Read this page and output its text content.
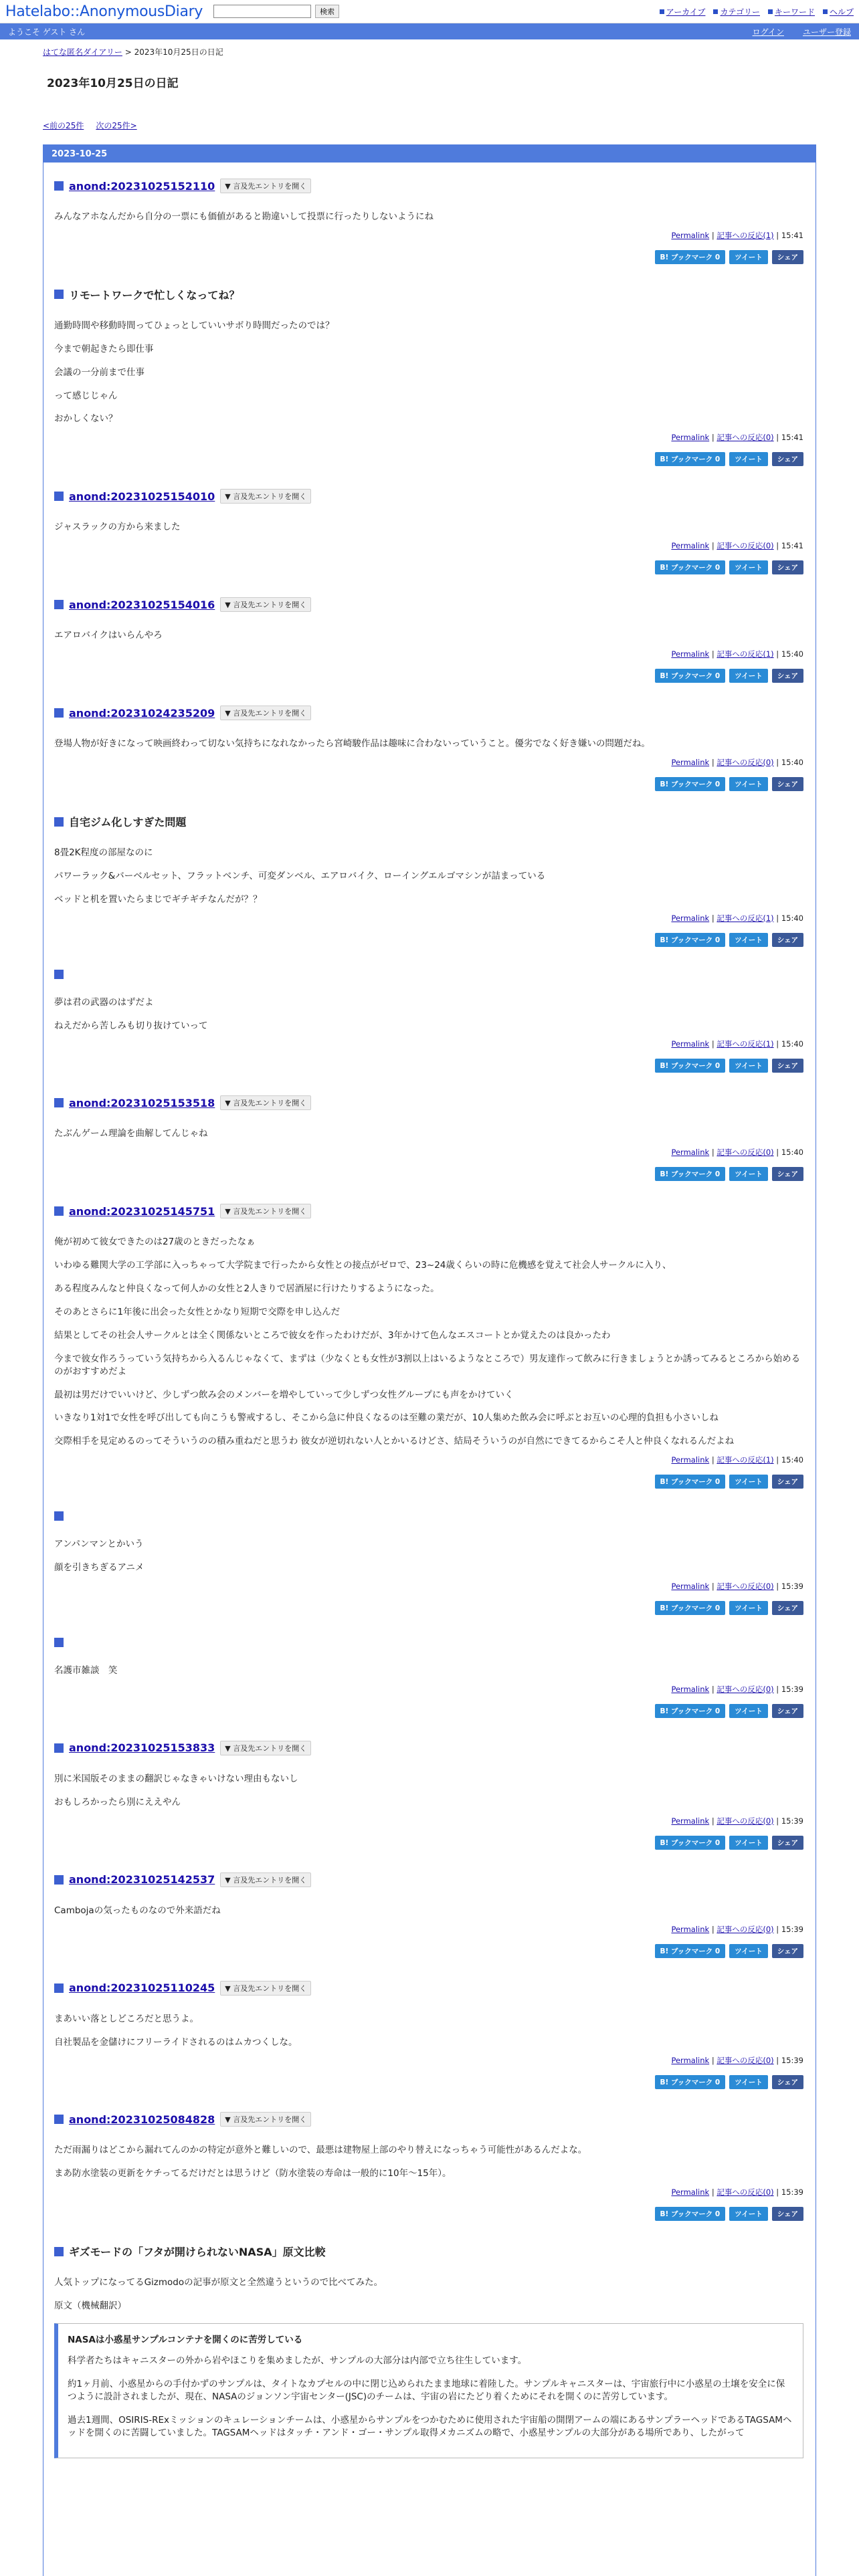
Hatelabo::AnonymousDiary	検索	アーカイブ カテゴリー キーワード ヘルプ
ようこそ ゲスト さん	ログイン ユーザー登録
はてな匿名ダイアリー > 2023年10月25日の日記
2023年10月25日の日記
<前の25件 次の25件>
2023-10-25
anond:20231025152110	▼ 言及先エントリを開く

みんなアホなんだから自分の一票にも価値があると勘違いして投票に行ったりしないようにね

Permalink | 記事への反応(1) | 15:41
B! ブックマーク 0	ツイート	シェア
リモートワークで忙しくなってね？

通勤時間や移動時間ってひょっとしていいサボり時間だったのでは？

今まで朝起きたら即仕事

会議の一分前まで仕事

って感じじゃん

おかしくない？

Permalink | 記事への反応(0) | 15:41
B! ブックマーク 0	ツイート	シェア
anond:20231025154010	▼ 言及先エントリを開く

ジャスラックの方から来ました

Permalink | 記事への反応(0) | 15:41
B! ブックマーク 0	ツイート	シェア
anond:20231025154016	▼ 言及先エントリを開く

エアロバイクはいらんやろ

Permalink | 記事への反応(1) | 15:40
B! ブックマーク 0	ツイート	シェア
anond:20231024235209	▼ 言及先エントリを開く

登場人物が好きになって映画終わって切ない気持ちになれなかったら宮崎駿作品は趣味に合わないっていうこと。優劣でなく好き嫌いの問題だね。

Permalink | 記事への反応(0) | 15:40
B! ブックマーク 0	ツイート	シェア
自宅ジム化しすぎた問題

8畳2K程度の部屋なのに

パワーラック&バーベルセット、フラットベンチ、可変ダンベル、エアロバイク、ローイングエルゴマシンが詰まっている

ベッドと机を置いたらまじでギチギチなんだが？？

Permalink | 記事への反応(1) | 15:40
B! ブックマーク 0	ツイート	シェア

夢は君の武器のはずだよ

ねえだから苦しみも切り抜けていって

Permalink | 記事への反応(1) | 15:40
B! ブックマーク 0	ツイート	シェア
anond:20231025153518	▼ 言及先エントリを開く

たぶんゲーム理論を曲解してんじゃね

Permalink | 記事への反応(0) | 15:40
B! ブックマーク 0	ツイート	シェア
anond:20231025145751	▼ 言及先エントリを開く

俺が初めて彼女できたのは27歳のときだったなぁ

いわゆる難関大学の工学部に入っちゃって大学院まで行ったから女性との接点がゼロで、23~24歳くらいの時に危機感を覚えて社会人サークルに入り、

ある程度みんなと仲良くなって何人かの女性と2人きりで居酒屋に行けたりするようになった。

そのあとさらに1年後に出会った女性とかなり短期で交際を申し込んだ

結果としてその社会人サークルとは全く関係ないところで彼女を作ったわけだが、3年かけて色んなエスコートとか覚えたのは良かったわ

今まで彼女作ろうっていう気持ちから入るんじゃなくて、まずは（少なくとも女性が3割以上はいるようなところで）男友達作って飲みに行きましょうとか誘ってみるところから始めるのがおすすめだよ

最初は男だけでいいけど、少しずつ飲み会のメンバーを増やしていって少しずつ女性グループにも声をかけていく

いきなり1対1で女性を呼び出しても向こうも警戒するし、そこから急に仲良くなるのは至難の業だが、10人集めた飲み会に呼ぶとお互いの心理的負担も小さいしね

交際相手を見定めるのってそういうのの積み重ねだと思うわ 彼女が逆切れない人とかいるけどさ、結局そういうのが自然にできてるからこそ人と仲良くなれるんだよね

Permalink | 記事への反応(1) | 15:40
B! ブックマーク 0	ツイート	シェア

アンパンマンとかいう

顔を引きちぎるアニメ

Permalink | 記事への反応(0) | 15:39
B! ブックマーク 0	ツイート	シェア

名護市雑談　笑

Permalink | 記事への反応(0) | 15:39
B! ブックマーク 0	ツイート	シェア
anond:20231025153833	▼ 言及先エントリを開く

別に米国版そのままの翻訳じゃなきゃいけない理由もないし

おもしろかったら別にええやん

Permalink | 記事への反応(0) | 15:39
B! ブックマーク 0	ツイート	シェア
anond:20231025142537	▼ 言及先エントリを開く

Cambojaの気ったものなので外来語だね

Permalink | 記事への反応(0) | 15:39
B! ブックマーク 0	ツイート	シェア
anond:20231025110245	▼ 言及先エントリを開く

まあいい落としどころだと思うよ。

自社製品を金儲けにフリーライドされるのはムカつくしな。

Permalink | 記事への反応(0) | 15:39
B! ブックマーク 0	ツイート	シェア
anond:20231025084828	▼ 言及先エントリを開く

ただ雨漏りはどこから漏れてんのかの特定が意外と難しいので、最悪は建物屋上部のやり替えになっちゃう可能性があるんだよな。

まあ防水塗装の更新をケチってるだけだとは思うけど（防水塗装の寿命は一般的に10年〜15年）。

Permalink | 記事への反応(0) | 15:39
B! ブックマーク 0	ツイート	シェア
ギズモードの「フタが開けられないNASA」原文比較

人気トップになってるGizmodoの記事が原文と全然違うというので比べてみた。

原文（機械翻訳）

NASAは小惑星サンプルコンテナを開くのに苦労している

科学者たちはキャニスターの外から岩やほこりを集めましたが、サンプルの大部分は内部で立ち往生しています。

約1ヶ月前、小惑星からの手付かずのサンプルは、タイトなカプセルの中に閉じ込められたまま地球に着陸した。サンプルキャニスターは、宇宙旅行中に小惑星の土壌を安全に保つように設計されましたが、現在、NASAのジョンソン宇宙センター(JSC)のチームは、宇宙の岩にたどり着くためにそれを開くのに苦労しています。

過去1週間、OSIRIS-RExミッションのキュレーションチームは、小惑星からサンプルをつかむために使用された宇宙船の開閉アームの端にあるサンプラーヘッドであるTAGSAMヘッドを開くのに苦闘していました。TAGSAMヘッドはタッチ・アンド・ゴー・サンプル取得メカニズムの略で、小惑星サンプルの大部分がある場所であり、したがって
